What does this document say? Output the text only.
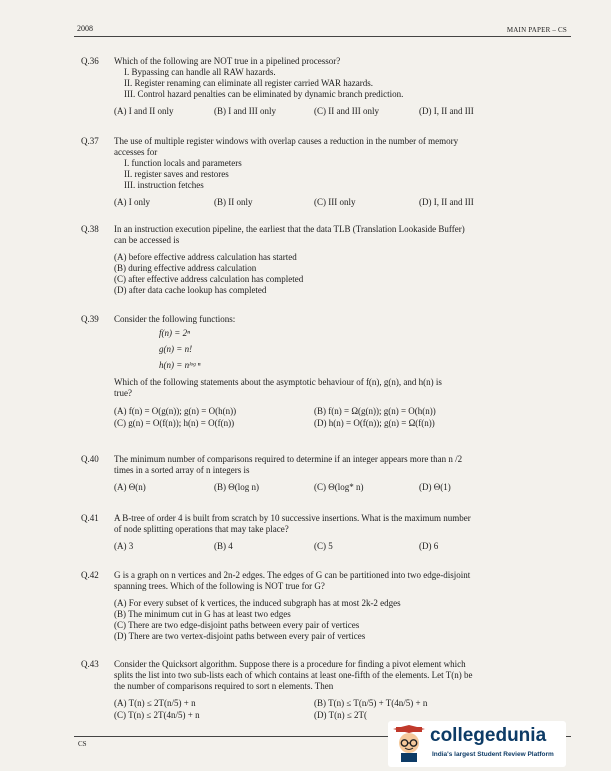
2008	MAIN PAPER – CS
Q.36 Which of the following are NOT true in a pipelined processor?
I. Bypassing can handle all RAW hazards.
II. Register renaming can eliminate all register carried WAR hazards.
III. Control hazard penalties can be eliminated by dynamic branch prediction.
(A) I and II only	(B) I and III only	(C) II and III only	(D) I, II and III
Q.37 The use of multiple register windows with overlap causes a reduction in the number of memory
accesses for
I. function locals and parameters
II. register saves and restores
III. instruction fetches
(A) I only	(B) II only	(C) III only	(D) I, II and III
Q.38 In an instruction execution pipeline, the earliest that the data TLB (Translation Lookaside Buffer)
can be accessed is
(A) before effective address calculation has started
(B) during effective address calculation
(C) after effective address calculation has completed
(D) after data cache lookup has completed
Q.39 Consider the following functions:
f(n) = 2ⁿ
g(n) = n!
h(n) = nˡᵒᵍ ⁿ
Which of the following statements about the asymptotic behaviour of f(n), g(n), and h(n) is
true?
(A) f(n) = O(g(n)); g(n) = O(h(n))	(B) f(n) = Ω(g(n)); g(n) = O(h(n))
(C) g(n) = O(f(n)); h(n) = O(f(n))	(D) h(n) = O(f(n)); g(n) = Ω(f(n))
Q.40 The minimum number of comparisons required to determine if an integer appears more than n /2
times in a sorted array of n integers is
(A) Θ(n)	(B) Θ(log n)	(C) Θ(log* n)	(D) Θ(1)
Q.41 A B-tree of order 4 is built from scratch by 10 successive insertions. What is the maximum number
of node splitting operations that may take place?
(A) 3	(B) 4	(C) 5	(D) 6
Q.42 G is a graph on n vertices and 2n-2 edges. The edges of G can be partitioned into two edge-disjoint
spanning trees. Which of the following is NOT true for G?
(A) For every subset of k vertices, the induced subgraph has at most 2k-2 edges
(B) The minimum cut in G has at least two edges
(C) There are two edge-disjoint paths between every pair of vertices
(D) There are two vertex-disjoint paths between every pair of vertices
Q.43 Consider the Quicksort algorithm. Suppose there is a procedure for finding a pivot element which
splits the list into two sub-lists each of which contains at least one-fifth of the elements. Let T(n) be
the number of comparisons required to sort n elements. Then
(A) T(n) ≤ 2T(n/5) + n	(B) T(n) ≤ T(n/5) + T(4n/5) + n
(C) T(n) ≤ 2T(4n/5) + n	(D) T(n) ≤ 2T(
CS	collegedunia
India's largest Student Review Platform
